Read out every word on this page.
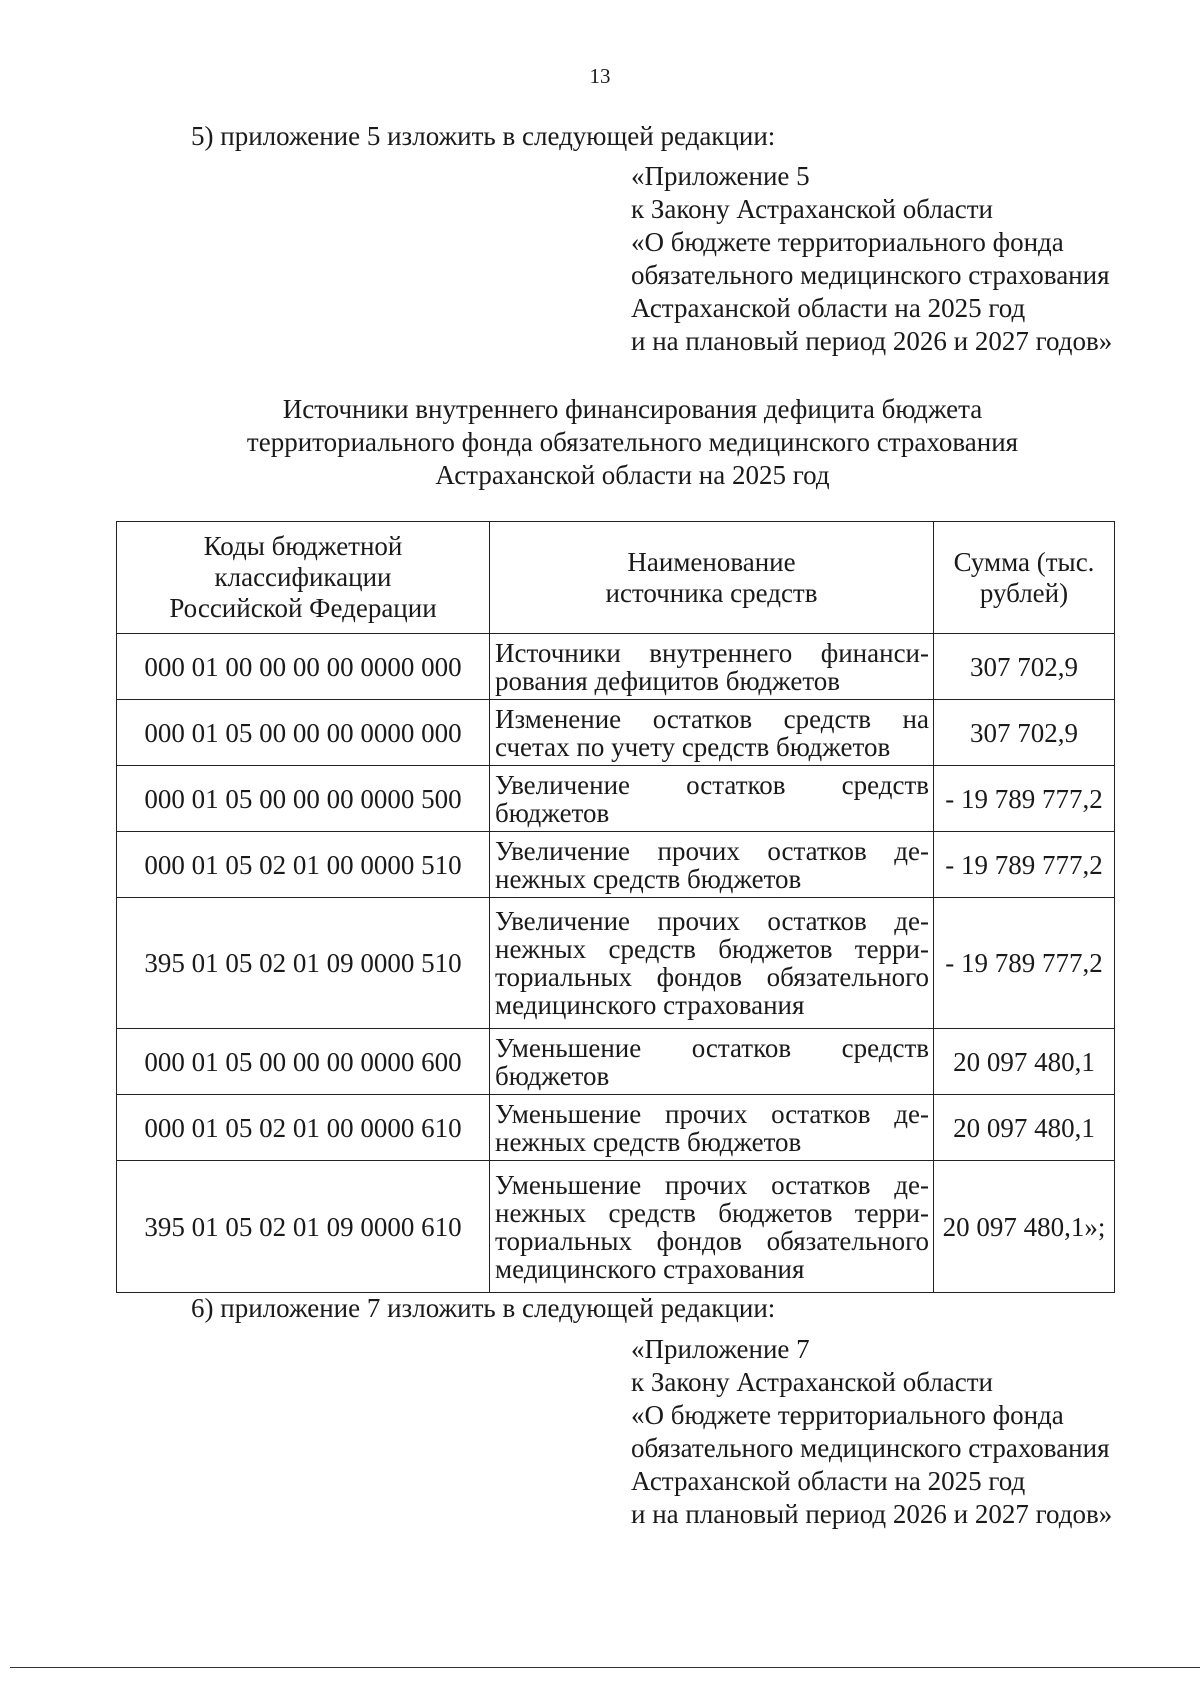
13
5) приложение 5 изложить в следующей редакции:
«Приложение 5
к Закону Астраханской области
«О бюджете территориального фонда
обязательного медицинского страхования
Астраханской области на 2025 год
и на плановый период 2026 и 2027 годов»
Источники внутреннего финансирования дефицита бюджета
территориального фонда обязательного медицинского страхования
Астраханской области на 2025 год
Коды бюджетной классификации Российской Федерации	Наименование источника средств	Сумма (тыс. рублей)
000 01 00 00 00 00 0000 000	Источники внутреннего финанси-рования дефицитов бюджетов	307 702,9
000 01 05 00 00 00 0000 000	Изменение остатков средств на счетах по учету средств бюджетов	307 702,9
000 01 05 00 00 00 0000 500	Увеличение остатков средств бюджетов	- 19 789 777,2
000 01 05 02 01 00 0000 510	Увеличение прочих остатков де-нежных средств бюджетов	- 19 789 777,2
395 01 05 02 01 09 0000 510	Увеличение прочих остатков де-нежных средств бюджетов терри-ториальных фондов обязательного медицинского страхования	- 19 789 777,2
000 01 05 00 00 00 0000 600	Уменьшение остатков средств бюджетов	20 097 480,1
000 01 05 02 01 00 0000 610	Уменьшение прочих остатков де-нежных средств бюджетов	20 097 480,1
395 01 05 02 01 09 0000 610	Уменьшение прочих остатков де-нежных средств бюджетов терри-ториальных фондов обязательного медицинского страхования	20 097 480,1»;
6) приложение 7 изложить в следующей редакции:
«Приложение 7
к Закону Астраханской области
«О бюджете территориального фонда
обязательного медицинского страхования
Астраханской области на 2025 год
и на плановый период 2026 и 2027 годов»
